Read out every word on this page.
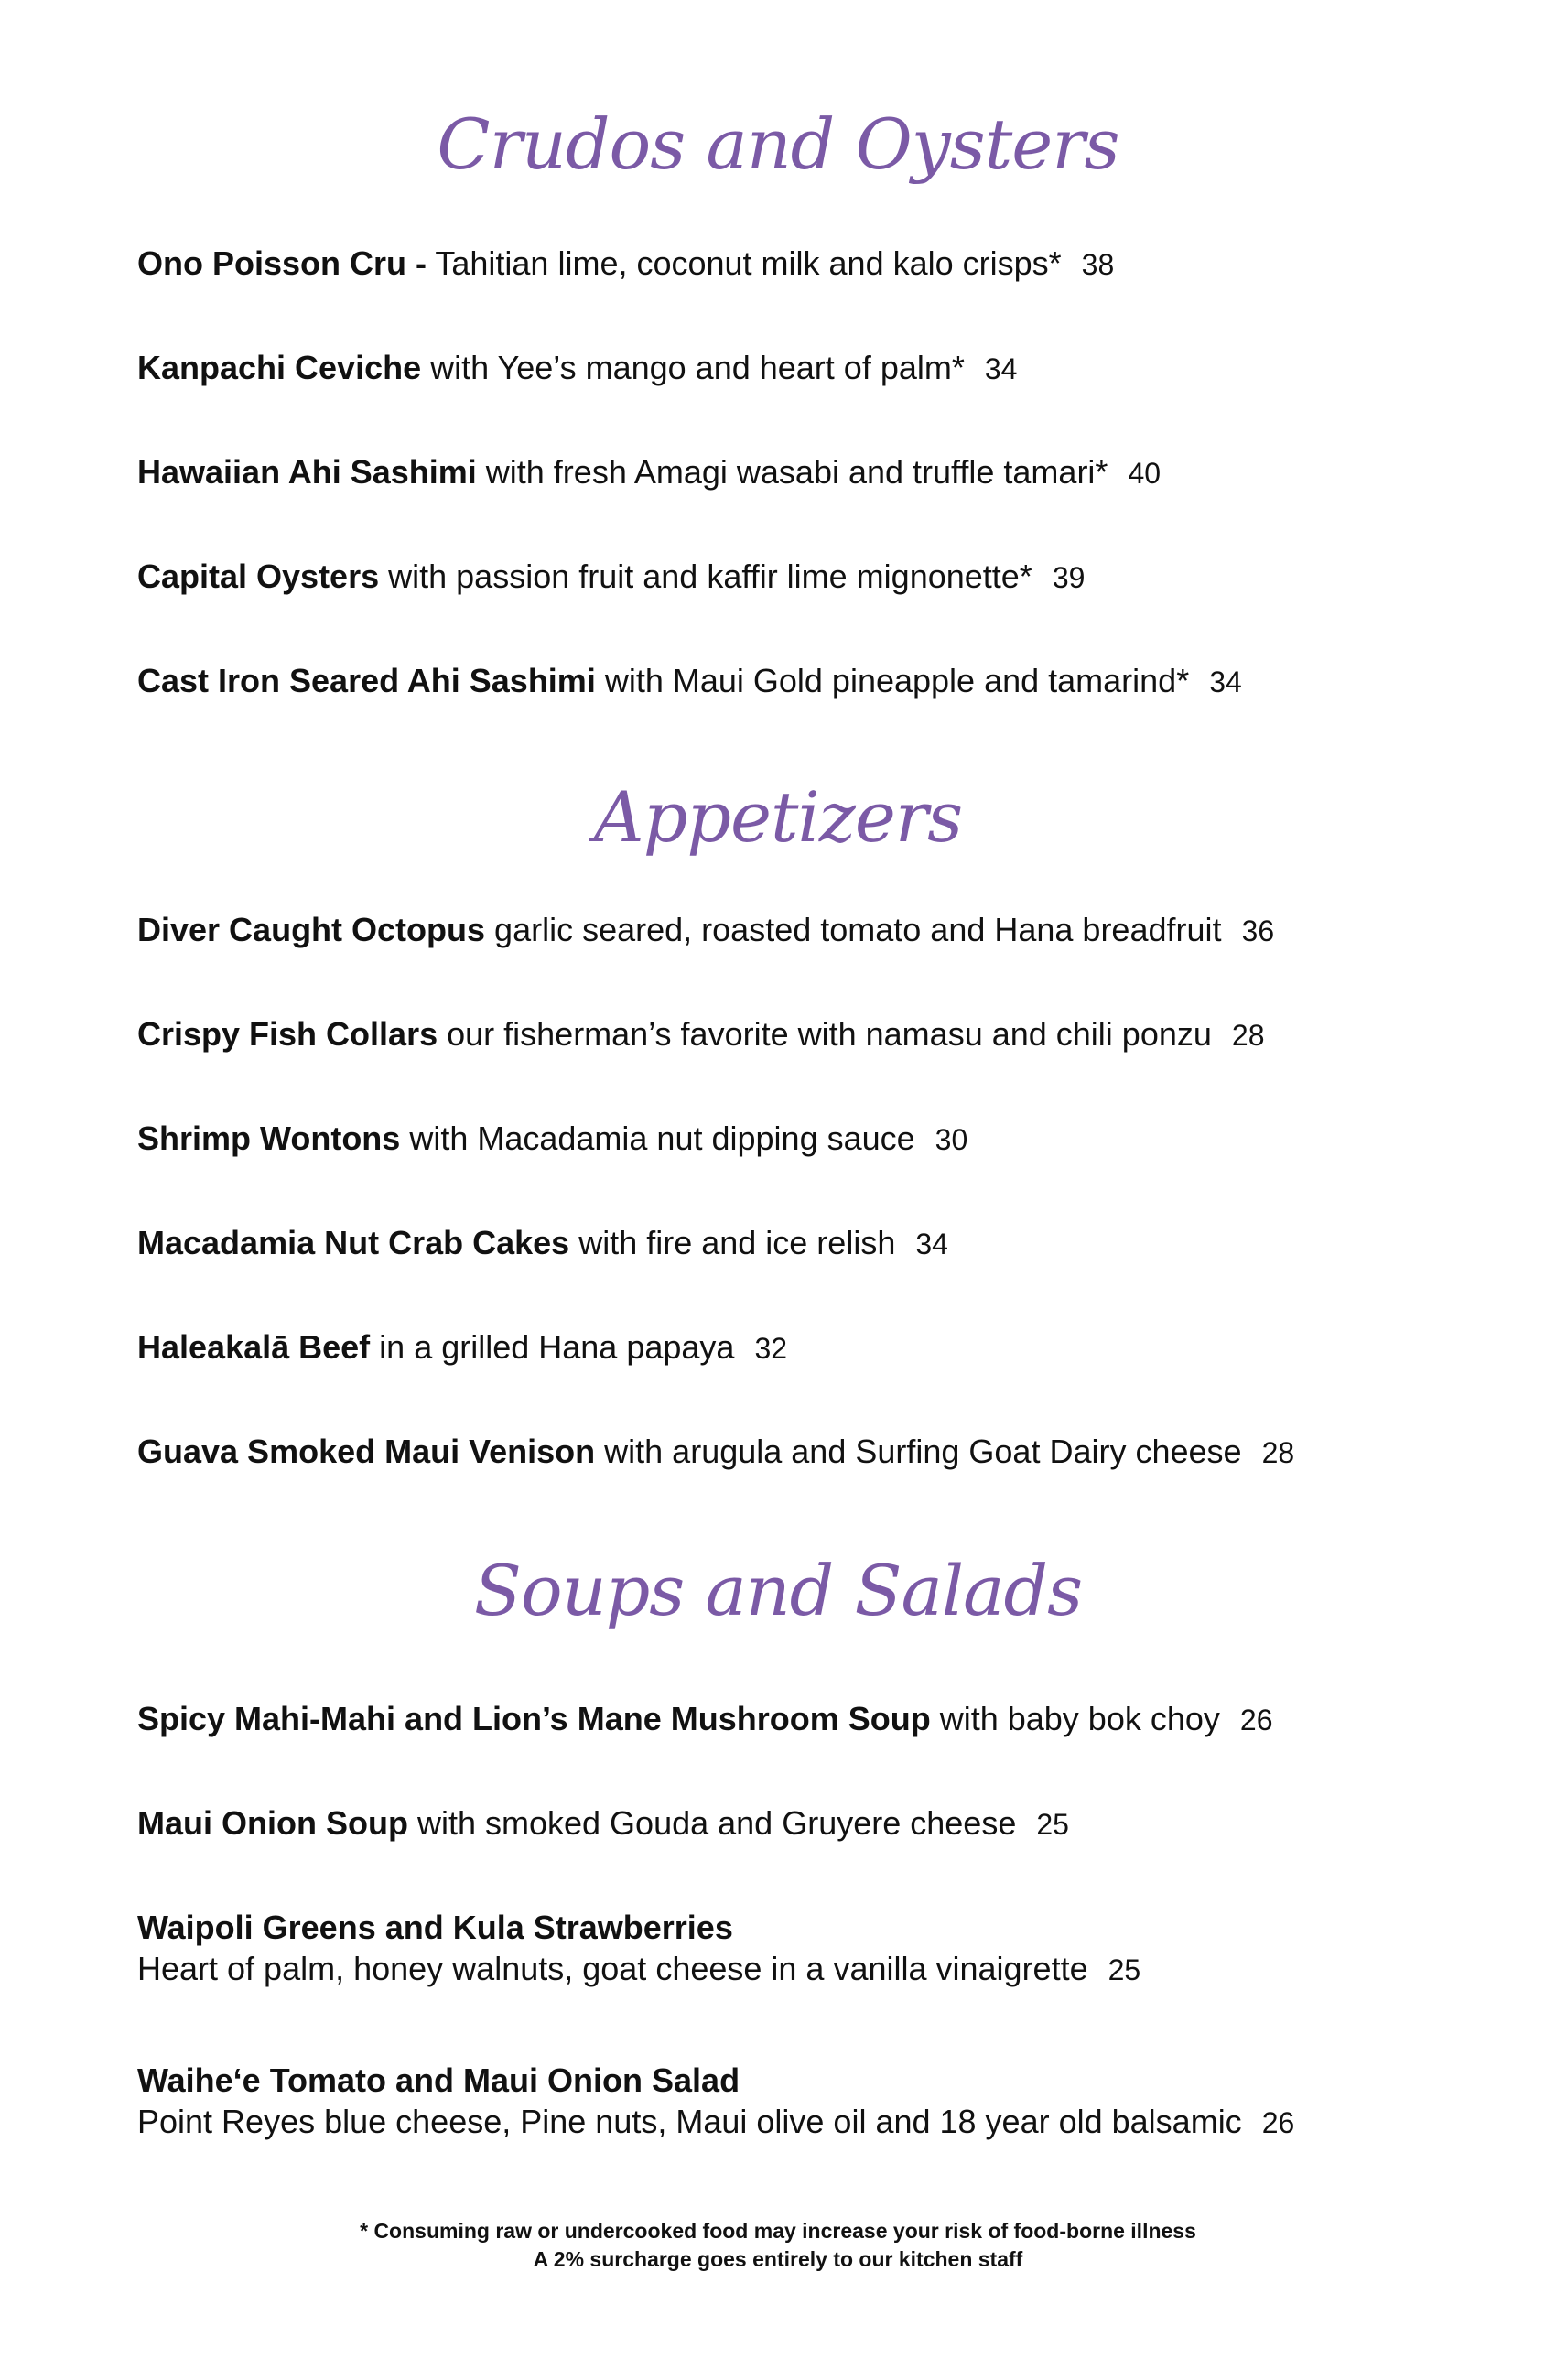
Crudos and Oysters
Ono Poisson Cru - Tahitian lime, coconut milk and kalo crisps* 38
Kanpachi Ceviche with Yee’s mango and heart of palm* 34
Hawaiian Ahi Sashimi with fresh Amagi wasabi and truffle tamari* 40
Capital Oysters with passion fruit and kaffir lime mignonette* 39
Cast Iron Seared Ahi Sashimi with Maui Gold pineapple and tamarind* 34
Appetizers
Diver Caught Octopus garlic seared, roasted tomato and Hana breadfruit 36
Crispy Fish Collars our fisherman’s favorite with namasu and chili ponzu 28
Shrimp Wontons with Macadamia nut dipping sauce 30
Macadamia Nut Crab Cakes with fire and ice relish 34
Haleakalā Beef in a grilled Hana papaya 32
Guava Smoked Maui Venison with arugula and Surfing Goat Dairy cheese 28
Soups and Salads
Spicy Mahi-Mahi and Lion’s Mane Mushroom Soup with baby bok choy 26
Maui Onion Soup with smoked Gouda and Gruyere cheese 25
Waipoli Greens and Kula Strawberries
Heart of palm, honey walnuts, goat cheese in a vanilla vinaigrette 25
Waihe‘e Tomato and Maui Onion Salad
Point Reyes blue cheese, Pine nuts, Maui olive oil and 18 year old balsamic 26
* Consuming raw or undercooked food may increase your risk of food-borne illness
A 2% surcharge goes entirely to our kitchen staff
